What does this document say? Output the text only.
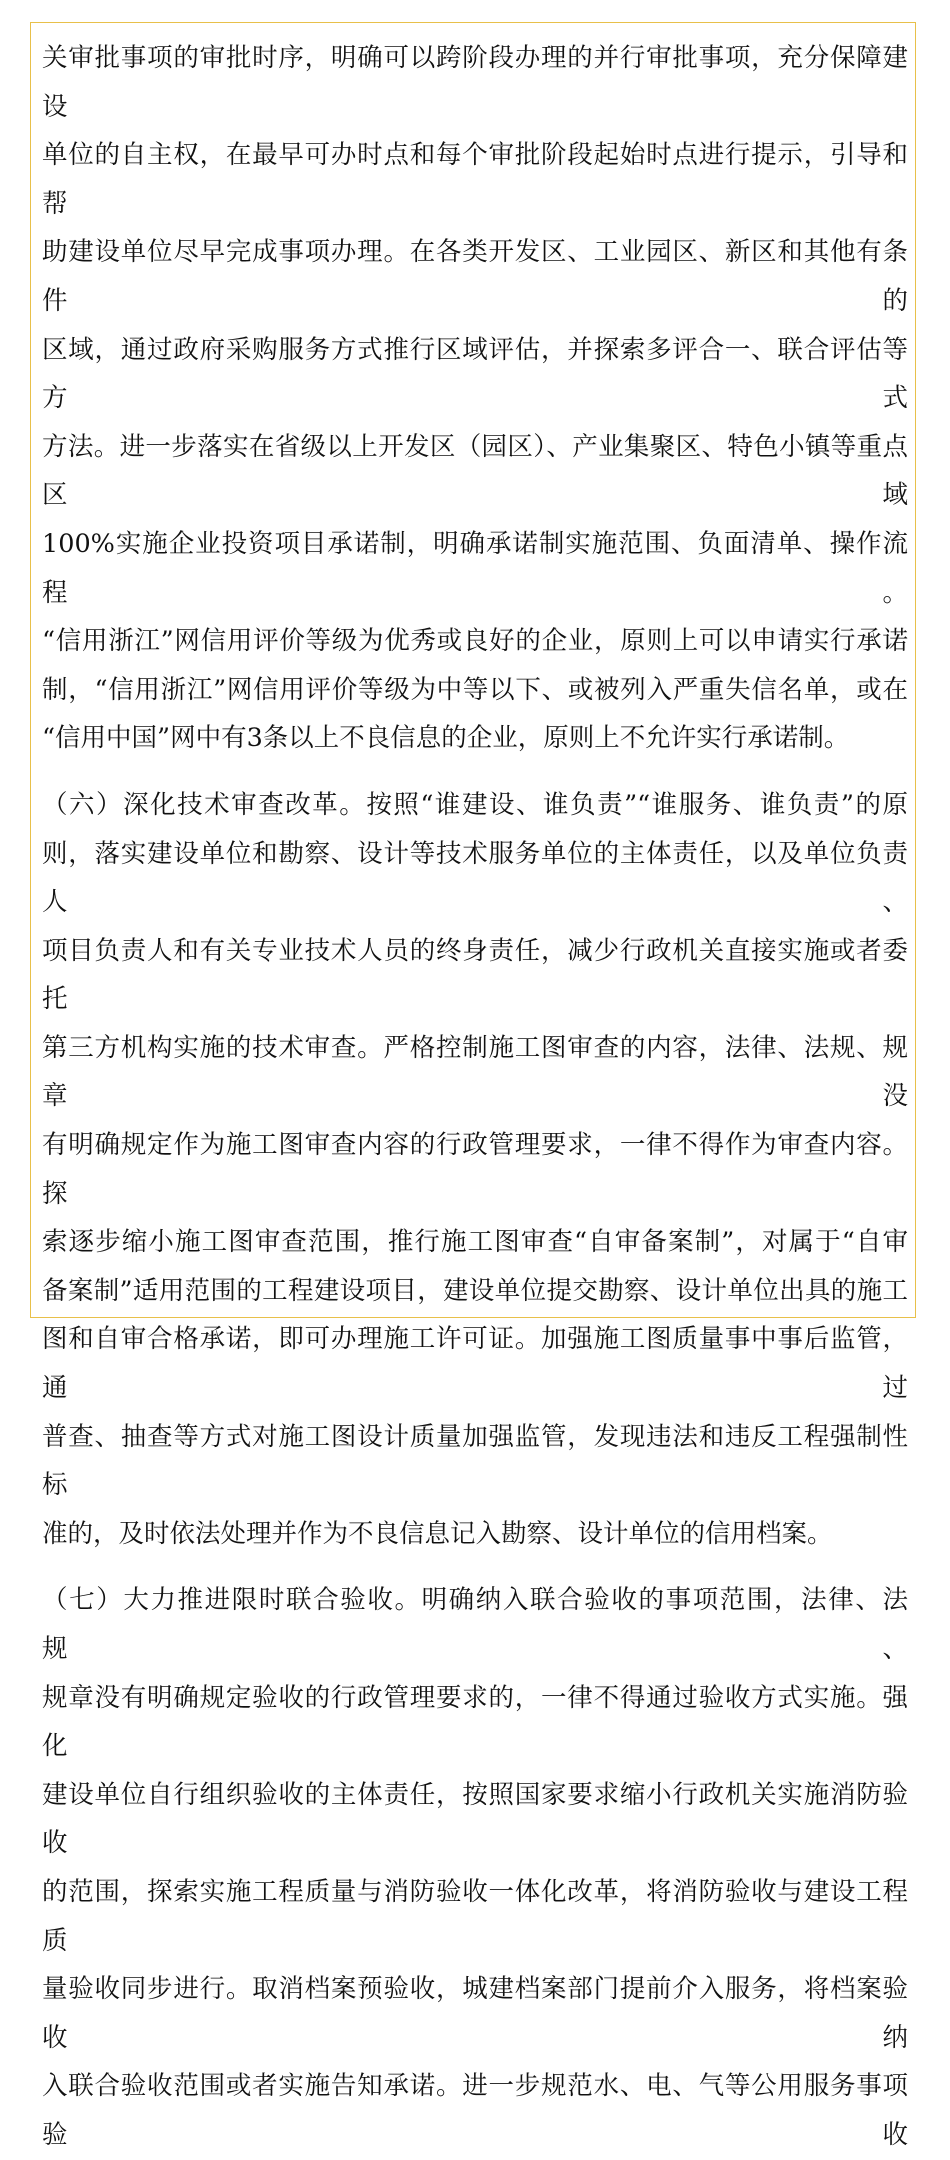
关审批事项的审批时序，明确可以跨阶段办理的并行审批事项，充分保障建设

单位的自主权，在最早可办时点和每个审批阶段起始时点进行提示，引导和帮

助建设单位尽早完成事项办理。在各类开发区、工业园区、新区和其他有条件的

区域，通过政府采购服务方式推行区域评估，并探索多评合一、联合评估等方式

方法。进一步落实在省级以上开发区（园区）、产业集聚区、特色小镇等重点区域

100%实施企业投资项目承诺制，明确承诺制实施范围、负面清单、操作流程。

“信用浙江”网信用评价等级为优秀或良好的企业，原则上可以申请实行承诺

制，“信用浙江”网信用评价等级为中等以下、或被列入严重失信名单，或在

“信用中国”网中有3条以上不良信息的企业，原则上不允许实行承诺制。

（六）深化技术审查改革。按照“谁建设、谁负责”“谁服务、谁负责”的原

则，落实建设单位和勘察、设计等技术服务单位的主体责任，以及单位负责人、

项目负责人和有关专业技术人员的终身责任，减少行政机关直接实施或者委托

第三方机构实施的技术审查。严格控制施工图审查的内容，法律、法规、规章没

有明确规定作为施工图审查内容的行政管理要求，一律不得作为审查内容。探

索逐步缩小施工图审查范围，推行施工图审查“自审备案制”，对属于“自审

备案制”适用范围的工程建设项目，建设单位提交勘察、设计单位出具的施工

图和自审合格承诺，即可办理施工许可证。加强施工图质量事中事后监管，通过

普查、抽查等方式对施工图设计质量加强监管，发现违法和违反工程强制性标

准的，及时依法处理并作为不良信息记入勘察、设计单位的信用档案。

（七）大力推进限时联合验收。明确纳入联合验收的事项范围，法律、法规、

规章没有明确规定验收的行政管理要求的，一律不得通过验收方式实施。强化

建设单位自行组织验收的主体责任，按照国家要求缩小行政机关实施消防验收

的范围，探索实施工程质量与消防验收一体化改革，将消防验收与建设工程质

量验收同步进行。取消档案预验收，城建档案部门提前介入服务，将档案验收纳

入联合验收范围或者实施告知承诺。进一步规范水、电、气等公用服务事项验收
